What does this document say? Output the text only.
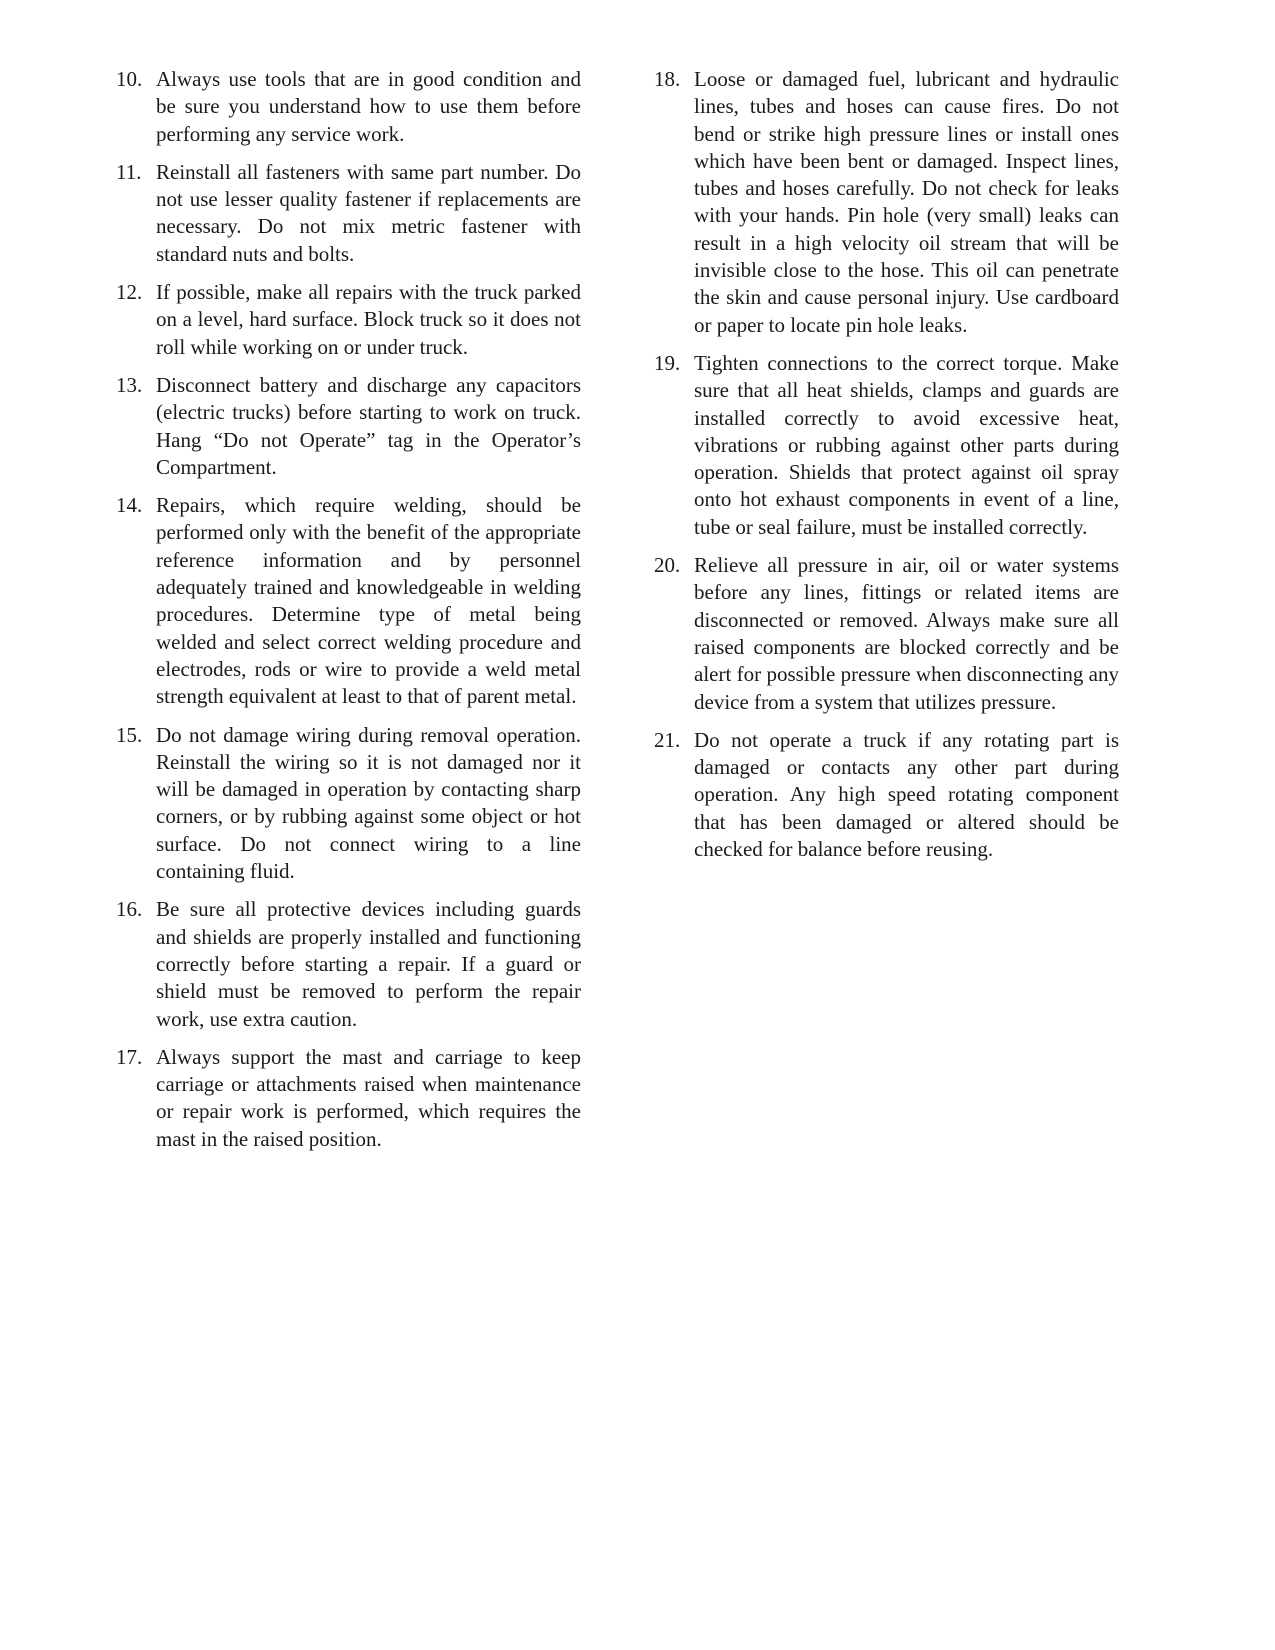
10. Always use tools that are in good condition and be sure you understand how to use them before performing any service work.
11. Reinstall all fasteners with same part number. Do not use lesser quality fastener if replacements are necessary. Do not mix metric fastener with standard nuts and bolts.
12. If possible, make all repairs with the truck parked on a level, hard surface. Block truck so it does not roll while working on or under truck.
13. Disconnect battery and discharge any capacitors (electric trucks) before starting to work on truck. Hang “Do not Operate” tag in the Operator’s Compartment.
14. Repairs, which require welding, should be performed only with the benefit of the appropriate reference information and by personnel adequately trained and knowledgeable in welding procedures. Determine type of metal being welded and select correct welding procedure and electrodes, rods or wire to provide a weld metal strength equivalent at least to that of parent metal.
15. Do not damage wiring during removal operation. Reinstall the wiring so it is not damaged nor it will be damaged in operation by contacting sharp corners, or by rubbing against some object or hot surface. Do not connect wiring to a line containing fluid.
16. Be sure all protective devices including guards and shields are properly installed and functioning correctly before starting a repair. If a guard or shield must be removed to perform the repair work, use extra caution.
17. Always support the mast and carriage to keep carriage or attachments raised when maintenance or repair work is performed, which requires the mast in the raised position.
18. Loose or damaged fuel, lubricant and hydraulic lines, tubes and hoses can cause fires. Do not bend or strike high pressure lines or install ones which have been bent or damaged. Inspect lines, tubes and hoses carefully. Do not check for leaks with your hands. Pin hole (very small) leaks can result in a high velocity oil stream that will be invisible close to the hose. This oil can penetrate the skin and cause personal injury. Use cardboard or paper to locate pin hole leaks.
19. Tighten connections to the correct torque. Make sure that all heat shields, clamps and guards are installed correctly to avoid excessive heat, vibrations or rubbing against other parts during operation. Shields that protect against oil spray onto hot exhaust components in event of a line, tube or seal failure, must be installed correctly.
20. Relieve all pressure in air, oil or water systems before any lines, fittings or related items are disconnected or removed. Always make sure all raised components are blocked correctly and be alert for possible pressure when disconnecting any device from a system that utilizes pressure.
21. Do not operate a truck if any rotating part is damaged or contacts any other part during operation. Any high speed rotating component that has been damaged or altered should be checked for balance before reusing.
